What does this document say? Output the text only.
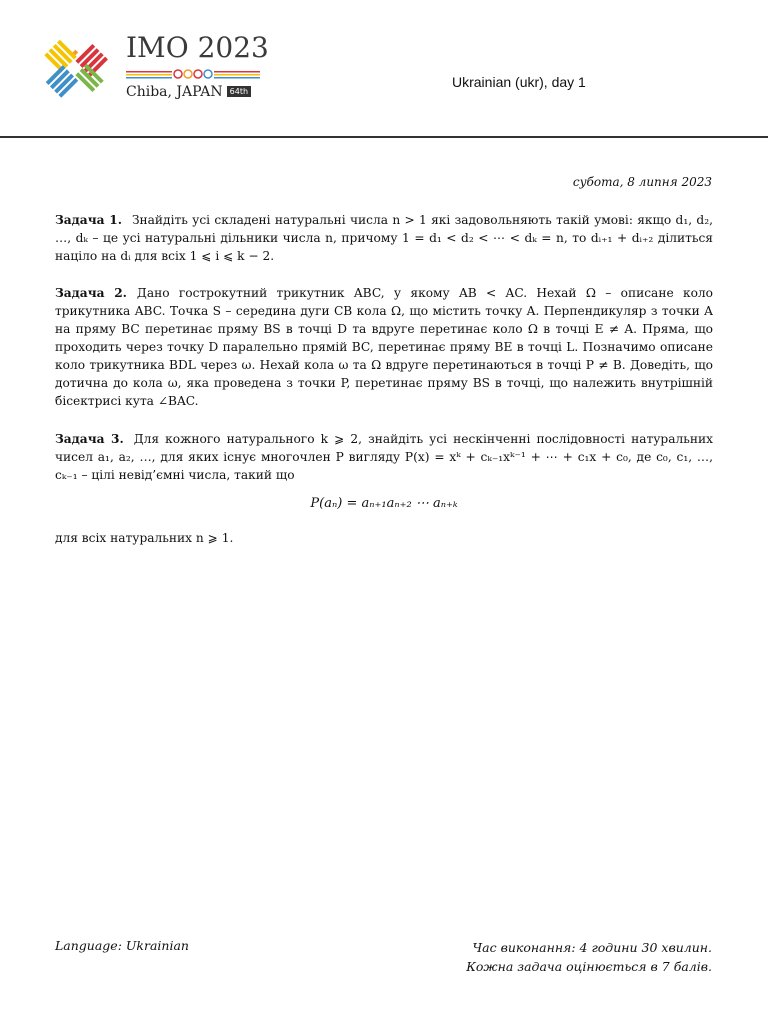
IMO 2023
Chiba, JAPAN 64th
Ukrainian (ukr), day 1
субота, 8 липня 2023

Задача 1. Знайдіть усі складені натуральні числа n > 1 які задовольняють такій умові: якщо d₁, d₂, …, dₖ – це усі натуральні дільники числа n, причому 1 = d₁ < d₂ < ⋯ < dₖ = n, то dᵢ₊₁ + dᵢ₊₂ ділиться націло на dᵢ для всіх 1 ⩽ i ⩽ k − 2.

Задача 2. Дано гострокутний трикутник ABC, у якому AB < AC. Нехай Ω – описане коло трикутника ABC. Точка S – середина дуги CB кола Ω, що містить точку A. Перпендикуляр з точки A на пряму BC перетинає пряму BS в точці D та вдруге перетинає коло Ω в точці E ≠ A. Пряма, що проходить через точку D паралельно прямій BC, перетинає пряму BE в точці L. Позначимо описане коло трикутника BDL через ω. Нехай кола ω та Ω вдруге перетинаються в точці P ≠ B. Доведіть, що дотична до кола ω, яка проведена з точки P, перетинає пряму BS в точці, що належить внутрішній бісектрисі кута ∠BAC.

Задача 3. Для кожного натурального k ⩾ 2, знайдіть усі нескінченні послідовності натуральних чисел a₁, a₂, …, для яких існує многочлен P вигляду P(x) = xᵏ + cₖ₋₁xᵏ⁻¹ + ⋯ + c₁x + c₀, де c₀, c₁, …, cₖ₋₁ – цілі невід’ємні числа, такий що

P(aₙ) = aₙ₊₁aₙ₊₂ ⋯ aₙ₊ₖ

для всіх натуральних n ⩾ 1.

Language: Ukrainian	Час виконання: 4 години 30 хвилин.
Кожна задача оцінюється в 7 балів.
